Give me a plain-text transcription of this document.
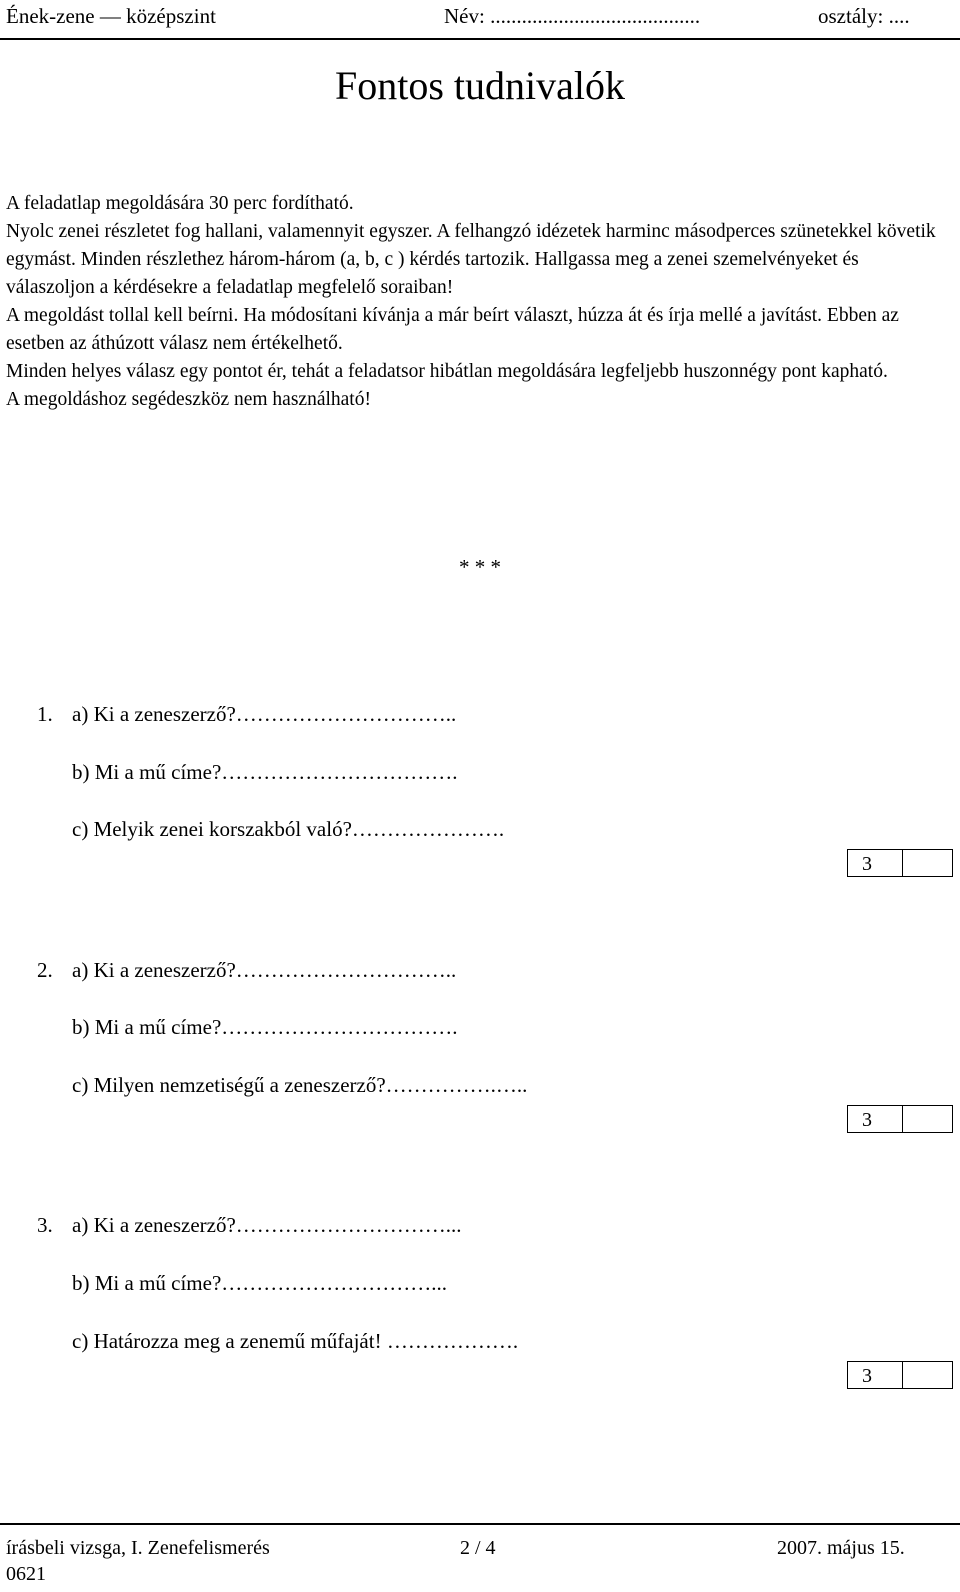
Ének-zene — középszint	Név: ........................................	osztály: ....
Fontos tudnivalók

A feladatlap megoldására 30 perc fordítható.

Nyolc zenei részletet fog hallani, valamennyit egyszer. A felhangzó idézetek harminc másodperces szünetekkel követik egymást. Minden részlethez három-három (a, b, c ) kérdés tartozik. Hallgassa meg a zenei szemelvényeket és válaszoljon a kérdésekre a feladatlap megfelelő soraiban!

A megoldást tollal kell beírni. Ha módosítani kívánja a már beírt választ, húzza át és írja mellé a javítást. Ebben az esetben az áthúzott válasz nem értékelhető.

Minden helyes válasz egy pontot ér, tehát a feladatsor hibátlan megoldására legfeljebb huszonnégy pont kapható.

A megoldáshoz segédeszköz nem használható!

* * *
1. a) Ki a zeneszerző?…………………………..
b) Mi a mű címe?…………………………….
c) Melyik zenei korszakból való?………………….
3
2. a) Ki a zeneszerző?…………………………..
b) Mi a mű címe?…………………………….
c) Milyen nemzetiségű a zeneszerző?…………….…..
3
3. a) Ki a zeneszerző?…………………………...
b) Mi a mű címe?…………………………...
c) Határozza meg a zenemű műfaját! ……………….
3
írásbeli vizsga, I. Zenefelismerés
0621
2 / 4	2007. május 15.
